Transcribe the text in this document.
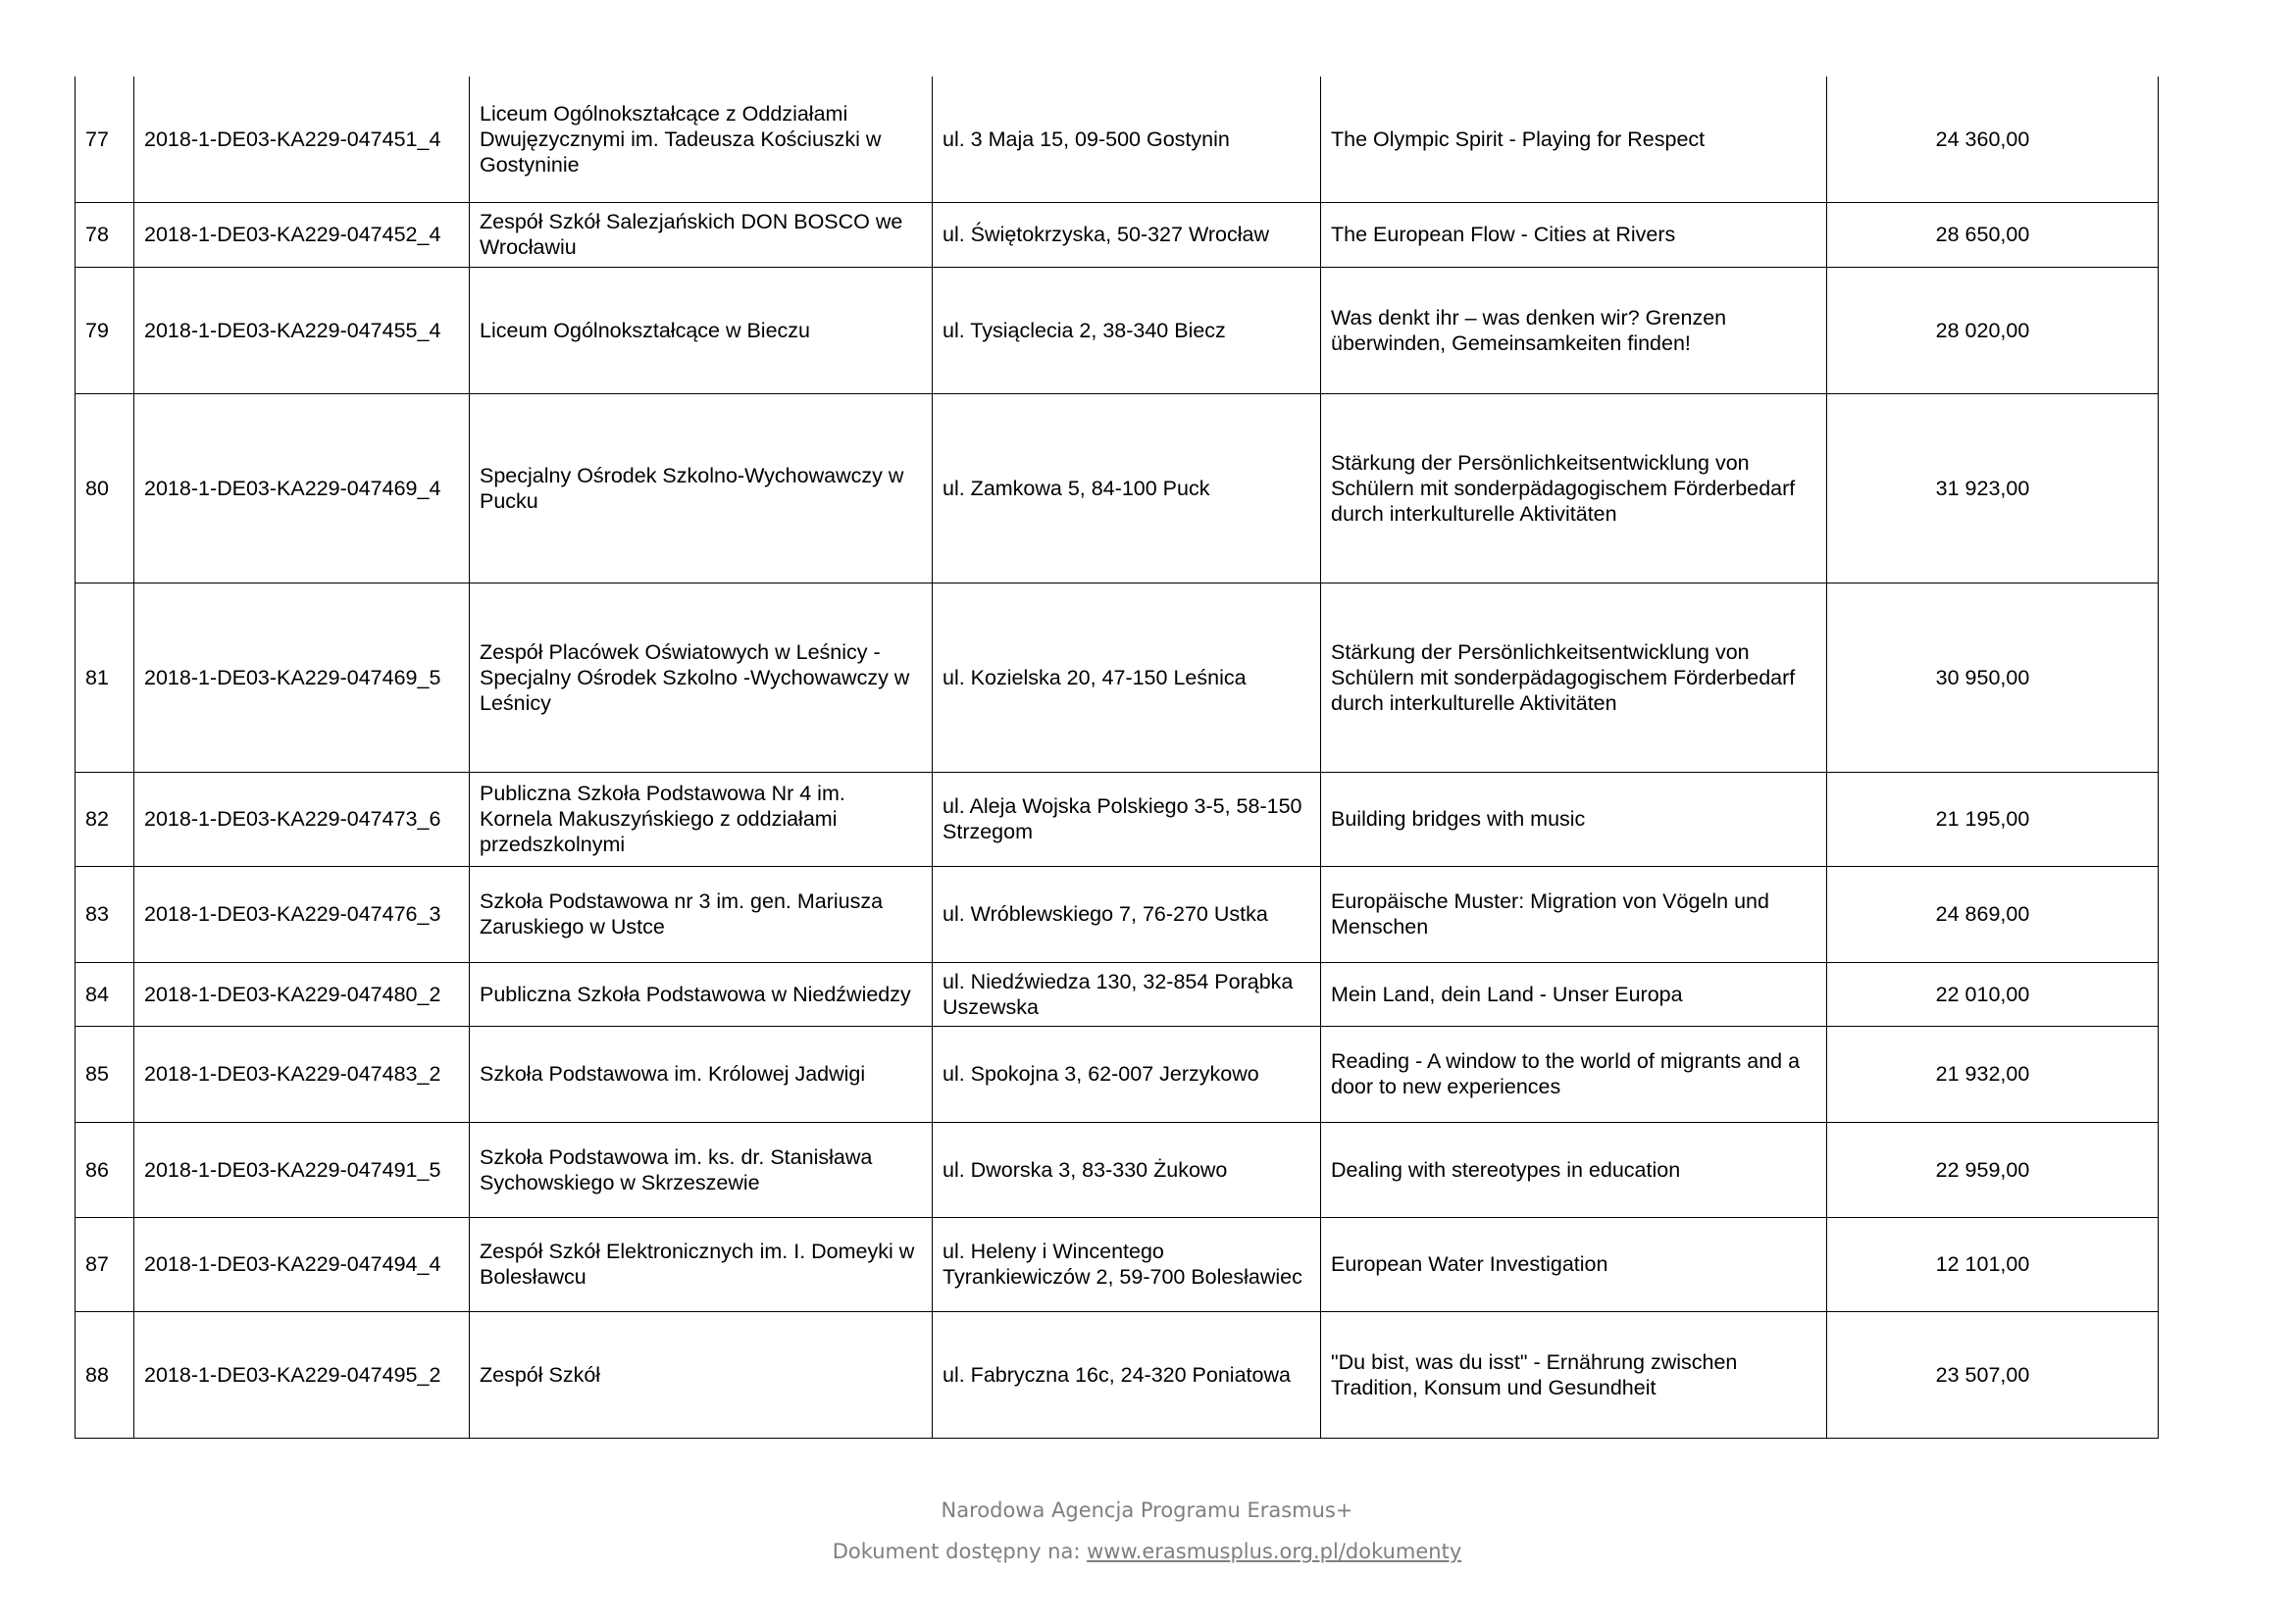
77	2018-1-DE03-KA229-047451_4	Liceum Ogólnokształcące z Oddziałami Dwujęzycznymi im. Tadeusza Kościuszki w Gostyninie	ul. 3 Maja 15, 09-500 Gostynin	The Olympic Spirit - Playing for Respect	24 360,00
78	2018-1-DE03-KA229-047452_4	Zespół Szkół Salezjańskich DON BOSCO we Wrocławiu	ul. Świętokrzyska, 50-327 Wrocław	The European Flow - Cities at Rivers	28 650,00
79	2018-1-DE03-KA229-047455_4	Liceum Ogólnokształcące w Bieczu	ul. Tysiąclecia 2, 38-340 Biecz	Was denkt ihr – was denken wir? Grenzen überwinden, Gemeinsamkeiten finden!	28 020,00
80	2018-1-DE03-KA229-047469_4	Specjalny Ośrodek Szkolno-Wychowawczy w Pucku	ul. Zamkowa 5, 84-100 Puck	Stärkung der Persönlichkeitsentwicklung von Schülern mit sonderpädagogischem Förderbedarf durch interkulturelle Aktivitäten	31 923,00
81	2018-1-DE03-KA229-047469_5	Zespół Placówek Oświatowych w Leśnicy - Specjalny Ośrodek Szkolno -Wychowawczy w Leśnicy	ul. Kozielska 20, 47-150 Leśnica	Stärkung der Persönlichkeitsentwicklung von Schülern mit sonderpädagogischem Förderbedarf durch interkulturelle Aktivitäten	30 950,00
82	2018-1-DE03-KA229-047473_6	Publiczna Szkoła Podstawowa Nr 4 im. Kornela Makuszyńskiego z oddziałami przedszkolnymi	ul. Aleja Wojska Polskiego 3-5, 58-150 Strzegom	Building bridges with music	21 195,00
83	2018-1-DE03-KA229-047476_3	Szkoła Podstawowa nr 3 im. gen. Mariusza Zaruskiego w Ustce	ul. Wróblewskiego 7, 76-270 Ustka	Europäische Muster: Migration von Vögeln und Menschen	24 869,00
84	2018-1-DE03-KA229-047480_2	Publiczna Szkoła Podstawowa w Niedźwiedzy	ul. Niedźwiedza 130, 32-854 Porąbka Uszewska	Mein Land, dein Land - Unser Europa	22 010,00
85	2018-1-DE03-KA229-047483_2	Szkoła Podstawowa im. Królowej Jadwigi	ul. Spokojna 3, 62-007 Jerzykowo	Reading - A window to the world of migrants and a door to new experiences	21 932,00
86	2018-1-DE03-KA229-047491_5	Szkoła Podstawowa im. ks. dr. Stanisława Sychowskiego w Skrzeszewie	ul. Dworska 3, 83-330 Żukowo	Dealing with stereotypes in education	22 959,00
87	2018-1-DE03-KA229-047494_4	Zespół Szkół Elektronicznych im. I. Domeyki w Bolesławcu	ul. Heleny i Wincentego Tyrankiewiczów 2, 59-700 Bolesławiec	European Water Investigation	12 101,00
88	2018-1-DE03-KA229-047495_2	Zespół Szkół	ul. Fabryczna 16c, 24-320 Poniatowa	"Du bist, was du isst" - Ernährung zwischen Tradition, Konsum und Gesundheit	23 507,00
Narodowa Agencja Programu Erasmus+
Dokument dostępny na: www.erasmusplus.org.pl/dokumenty
